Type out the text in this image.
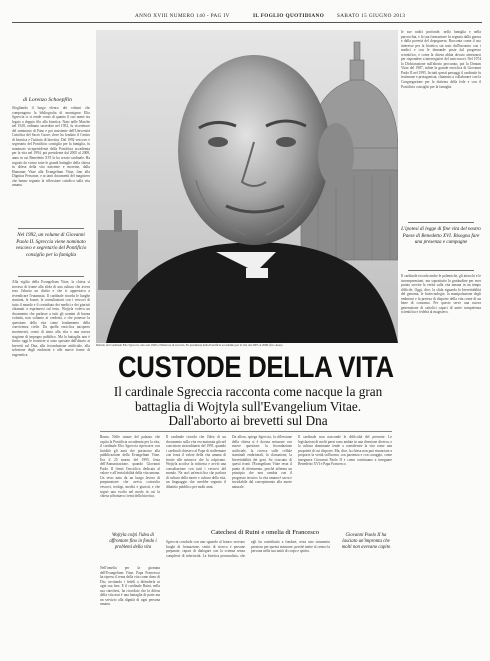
ANNO XVIII NUMERO 140 - PAG IV	IL FOGLIO QUOTIDIANO SABATO 15 GIUGNO 2013
di Lorenzo Schoepflin

Sfogliando il lungo elenco dei volumi che compongono la bibliografia di monsignor Elio Sgreccia ci si rende conto di quanto il suo nome sia legato a doppio filo alla bioetica. Nato nelle Marche nel 1928, ordinato sacerdote nel 1952, fu vicerettore del seminario di Fano e poi assistente dell'Università Cattolica del Sacro Cuore, dove ha fondato il Centro di bioetica e l'istituto di bioetica. Dal 1992 vescovo e segretario del Pontificio consiglio per la famiglia, fu nominato vicepresidente della Pontificia accademia per la vita nel 1994, poi presidente dal 2005 al 2008, anno in cui Benedetto XVI lo ha creato cardinale. Ha seguito da vicino tutte le grandi battaglie della chiesa in difesa della vita nascente e morente, dalla Humanae Vitae alla Evangelium Vitae, fino alla Dignitas Personae, e ai tanti documenti del magistero che hanno segnato la riflessione cattolica sulla vita umana.

Nel 1992, un volume di Giovanni Paolo II. Sgreccia viene nominato vescovo e segretario del Pontificio consiglio per la famiglia

Alla vigilia della Evangelium Vitae, la chiesa si trovava di fronte alla sfida di una cultura che aveva reso l'aborto un diritto e che si apprestava a rivendicare l'eutanasia. Il cardinale ricorda le lunghe riunioni, le bozze, le consultazioni con i vescovi di tutto il mondo e il contributo dei medici e dei giuristi chiamati a esprimersi sul testo. Wojtyla voleva un documento che parlasse a tutti gli uomini di buona volontà, non soltanto ai credenti, e che ponesse la questione della vita come fondamento della convivenza civile. Da quella enciclica nacquero movimenti, centri di aiuto alla vita e una nuova stagione di impegno pubblico. Ma la battaglia non è finita: oggi le frontiere si sono spostate dall'aborto ai brevetti sul Dna, alla fecondazione artificiale, alla selezione degli embrioni e alle nuove forme di eugenetica.

Ritratto del Cardinale Elio Sgreccia, nato nel 1928 a Nidastore di Arcevia. Fu presidente della Pontificia accademia per la vita dal 2005 al 2008 (foto Ansa)
CUSTODE DELLA VITA
Il cardinale Sgreccia racconta come nacque la gran battaglia di Wojtyla sull'Evangelium Vitae. Dall'aborto ai brevetti sul Dna

Roma. Nelle stanze del palazzo che ospita la Pontificia accademia per la vita, il cardinale Elio Sgreccia ripercorre con lucidità gli anni che portarono alla pubblicazione della Evangelium Vitae. Era il 25 marzo del 1995, festa dell'Annunciazione, quando Giovanni Paolo II firmò l'enciclica dedicata al valore e all'inviolabilità della vita umana. Un testo nato da un lungo lavoro di preparazione che aveva coinvolto vescovi, teologi, medici e giuristi, e che segnò una svolta nel modo in cui la chiesa affrontava i temi della bioetica.

Il cardinale ricorda che l'idea di un documento sulla vita era maturata già nel concistoro straordinario del 1991, quando i cardinali chiesero al Papa di riaffermare con forza il valore della vita umana di fronte alle minacce che la colpivano. Wojtyla accolse la richiesta e avviò una consultazione con tutti i vescovi del mondo. Ne uscì un'enciclica che parlava di cultura della morte e cultura della vita, un linguaggio che avrebbe segnato il dibattito pubblico per molti anni.

Da allora, spiega Sgreccia, la riflessione della chiesa si è dovuta misurare con nuove questioni: la fecondazione artificiale, la ricerca sulle cellule staminali embrionali, la clonazione, la brevettabilità dei geni. Su ciascuno di questi fronti l'Evangelium Vitae resta il punto di riferimento, perché afferma un principio che non cambia con il progresso tecnico: la vita umana è sacra e inviolabile dal concepimento alla morte naturale.

Il cardinale non nasconde le difficoltà del presente. Le legislazioni di molti paesi sono andate in una direzione diversa, e la cultura dominante tende a considerare la vita come una proprietà di cui disporre. Ma, dice, la chiesa non può rinunciare a proporre la verità sull'uomo, con pazienza e con coraggio, come insegnava Giovanni Paolo II e come continuano a insegnare Benedetto XVI e Papa Francesco.

Catechesi di Ruini e omelia di Francesco
Wojtyla colpì l'idea di affrontare fino in fondo i problemi della vita
Giovanni Paolo II ha lasciato un'impronta che molti non avevano capito

Nell'omelia per la giornata dell'Evangelium Vitae, Papa Francesco ha ripreso il tema della vita come dono di Dio, invitando i fedeli a difenderla in ogni sua fase. E il cardinale Ruini, nella sua catechesi, ha ricordato che la difesa della vita non è una battaglia di parte ma un servizio alla dignità di ogni persona umana.

Sgreccia conclude con uno sguardo al futuro: servono luoghi di formazione, centri di ricerca e persone preparate, capaci di dialogare con la scienza senza complessi di inferiorità. La bioetica personalista, che egli ha contribuito a fondare, resta uno strumento prezioso per questa missione, perché mette al centro la persona nella sua unità di corpo e spirito.

le sue radici profonde, nella famiglia e nella parrocchia, e la sua formazione fu segnata dalla guerra e dalla povertà del dopoguerra. Racconta come il suo interesse per la bioetica sia nato dall'incontro con i medici e con le domande poste dal progresso scientifico, e come la chiesa abbia dovuto attrezzarsi per rispondere a interrogativi del tutto nuovi. Nel 1974 la Dichiarazione sull'aborto procurato, poi la Donum Vitae del 1987, infine la grande enciclica di Giovanni Paolo II nel 1995. In tutti questi passaggi il cardinale fu testimone e protagonista, chiamato a collaborare con la Congregazione per la dottrina della fede e con il Pontificio consiglio per la famiglia.

L'ipotesi di legge di fine vita del nostro Paese di Benedetto XVI. Bisogna fare una presenza e campagne

Il cardinale ricorda anche le polemiche, gli attacchi e le incomprensioni, ma soprattutto la gratitudine per aver potuto servire la verità sulla vita umana in un tempo difficile. Oggi, dice, la sfida riguarda la brevettabilità del genoma, le biotecnologie, la manipolazione degli embrioni e la pretesa di disporre della vita come di un bene di consumo. Per questo serve una nuova generazione di cattolici capaci di unire competenza scientifica e fedeltà al magistero.
